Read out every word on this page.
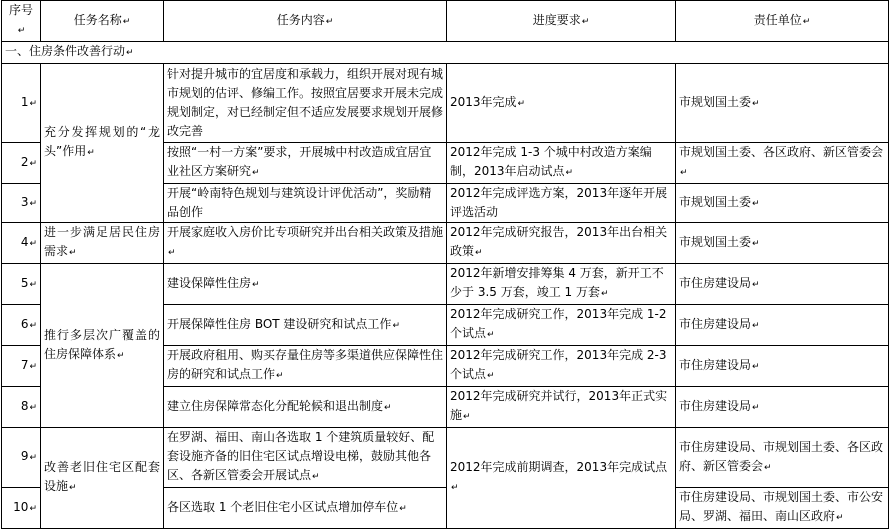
序号 ↵	任务名称 ↵	任务内容 ↵	进度要求 ↵	责任单位 ↵
一、住房条件改善行动 ↵
1 ↵	充分发挥规划的“龙头”作用 ↵	针对提升城市的宜居度和承载力，组织开展对现有城市规划的估评、修编工作。按照宜居要求开展未完成规划制定，对已经制定但不适应发展要求规划开展修改完善	2013年完成 ↵	市规划国土委 ↵
2 ↵		按照“一村一方案”要求，开展城中村改造成宜居宜业社区方案研究 ↵	2012年完成 1-3 个城中村改造方案编制，2013年启动试点 ↵	市规划国土委、各区政府、新区管委会 ↵
3 ↵		开展“岭南特色规划与建筑设计评优活动”，奖励精品创作	2012年完成评选方案，2013年逐年开展评选活动	市规划国土委 ↵
4 ↵	进一步满足居民住房需求 ↵	开展家庭收入房价比专项研究并出台相关政策及措施 ↵	2012年完成研究报告，2013年出台相关政策 ↵	市规划国土委 ↵
5 ↵	推行多层次广覆盖的住房保障体系 ↵	建设保障性住房 ↵	2012年新增安排筹集 4 万套，新开工不少于 3.5 万套，竣工 1 万套 ↵	市住房建设局 ↵
6 ↵		开展保障性住房 BOT 建设研究和试点工作 ↵	2012年完成研究工作，2013年完成 1-2 个试点 ↵	市住房建设局 ↵
7 ↵		开展政府租用、购买存量住房等多渠道供应保障性住房的研究和试点工作 ↵	2012年完成研究工作，2013年完成 2-3 个试点 ↵	市住房建设局 ↵
8 ↵		建立住房保障常态化分配轮候和退出制度 ↵	2012年完成研究并试行，2013年正式实施 ↵	市住房建设局 ↵
9 ↵	改善老旧住宅区配套设施 ↵	在罗湖、福田、南山各选取 1 个建筑质量较好、配套设施齐备的旧住宅区试点增设电梯，鼓励其他各区、各新区管委会开展试点 ↵	2012年完成前期调查，2013年完成试点 ↵	市住房建设局、市规划国土委、各区政府、新区管委会 ↵
10 ↵		各区选取 1 个老旧住宅小区试点增加停车位 ↵		市住房建设局、市规划国土委、市公安局、罗湖、福田、南山区政府 ↵
